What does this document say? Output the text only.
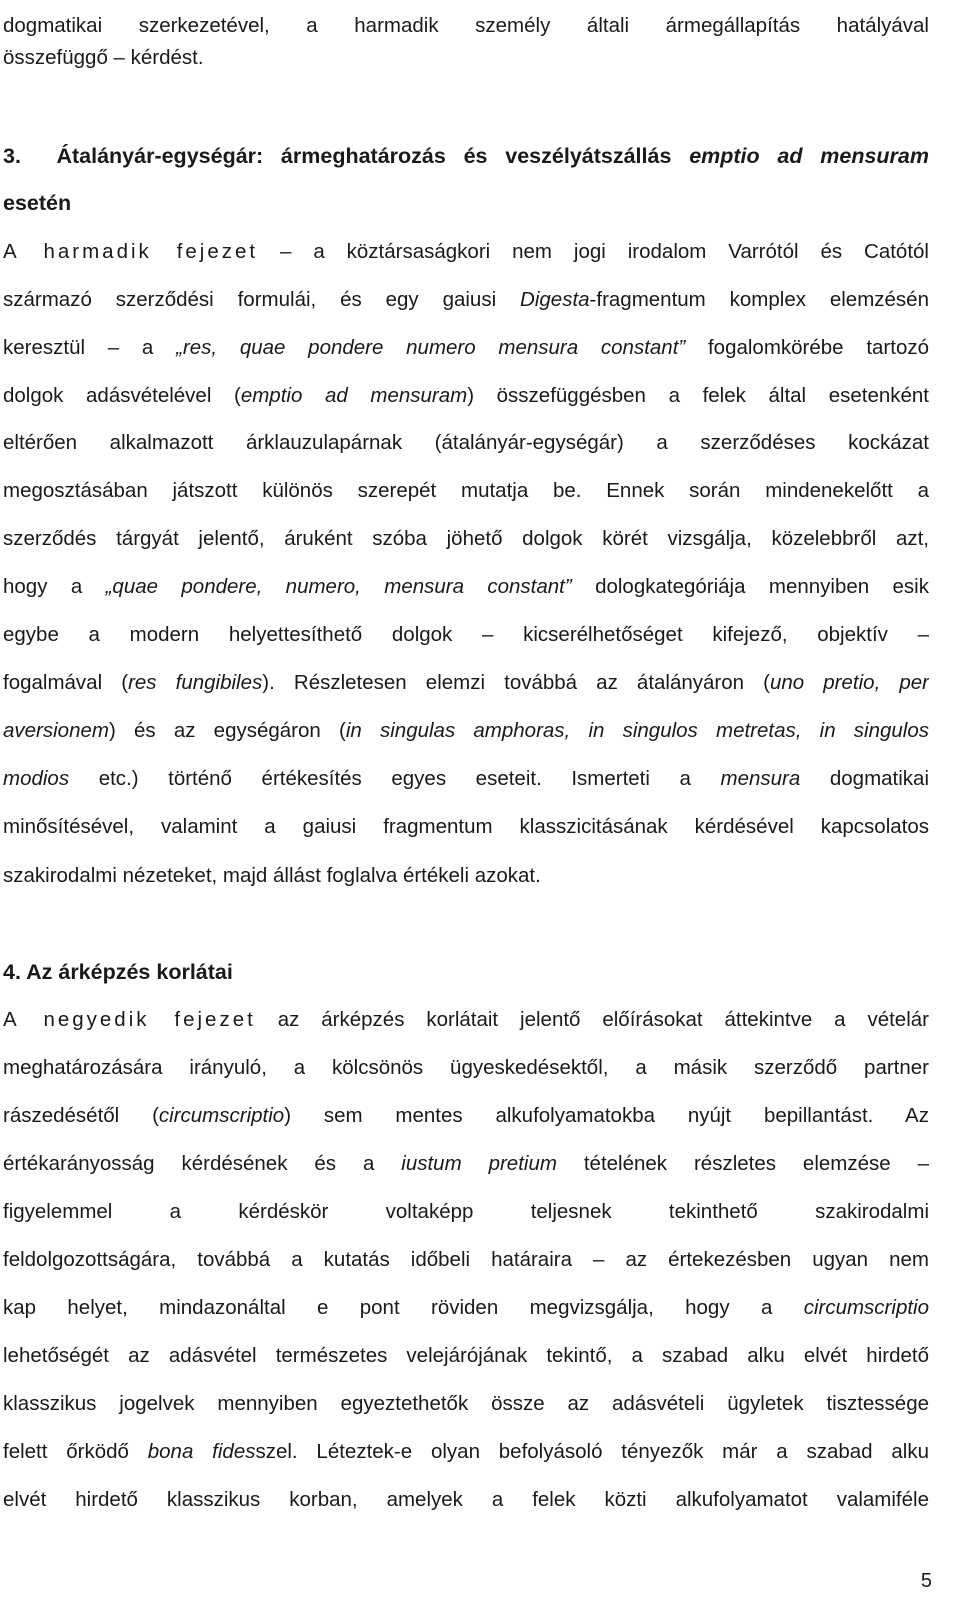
dogmatikai szerkezetével, a harmadik személy általi ármegállapítás hatályával
összefüggő – kérdést.
3. Átalányár-egységár: ármeghatározás és veszélyátszállás emptio ad mensuram
esetén
A harmadik fejezet – a köztársaságkori nem jogi irodalom Varrótól és Catótól
származó szerződési formulái, és egy gaiusi Digesta-fragmentum komplex elemzésén
keresztül – a „res, quae pondere numero mensura constant” fogalomkörébe tartozó
dolgok adásvételével (emptio ad mensuram) összefüggésben a felek által esetenként
eltérően alkalmazott árklauzulapárnak (átalányár-egységár) a szerződéses kockázat
megosztásában játszott különös szerepét mutatja be. Ennek során mindenekelőtt a
szerződés tárgyát jelentő, áruként szóba jöhető dolgok körét vizsgálja, közelebbről azt,
hogy a „quae pondere, numero, mensura constant” dologkategóriája mennyiben esik
egybe a modern helyettesíthető dolgok – kicserélhetőséget kifejező, objektív –
fogalmával (res fungibiles). Részletesen elemzi továbbá az átalányáron (uno pretio, per
aversionem) és az egységáron (in singulas amphoras, in singulos metretas, in singulos
modios etc.) történő értékesítés egyes eseteit. Ismerteti a mensura dogmatikai
minősítésével, valamint a gaiusi fragmentum klasszicitásának kérdésével kapcsolatos
szakirodalmi nézeteket, majd állást foglalva értékeli azokat.
4. Az árképzés korlátai
A negyedik fejezet az árképzés korlátait jelentő előírásokat áttekintve a vételár
meghatározására irányuló, a kölcsönös ügyeskedésektől, a másik szerződő partner
rászedésétől (circumscriptio) sem mentes alkufolyamatokba nyújt bepillantást. Az
értékarányosság kérdésének és a iustum pretium tételének részletes elemzése –
figyelemmel a kérdéskör voltaképp teljesnek tekinthető szakirodalmi
feldolgozottságára, továbbá a kutatás időbeli határaira – az értekezésben ugyan nem
kap helyet, mindazonáltal e pont röviden megvizsgálja, hogy a circumscriptio
lehetőségét az adásvétel természetes velejárójának tekintő, a szabad alku elvét hirdető
klasszikus jogelvek mennyiben egyeztethetők össze az adásvételi ügyletek tisztessége
felett őrködő bona fidesszel. Léteztek-e olyan befolyásoló tényezők már a szabad alku
elvét hirdető klasszikus korban, amelyek a felek közti alkufolyamatot valamiféle
5
